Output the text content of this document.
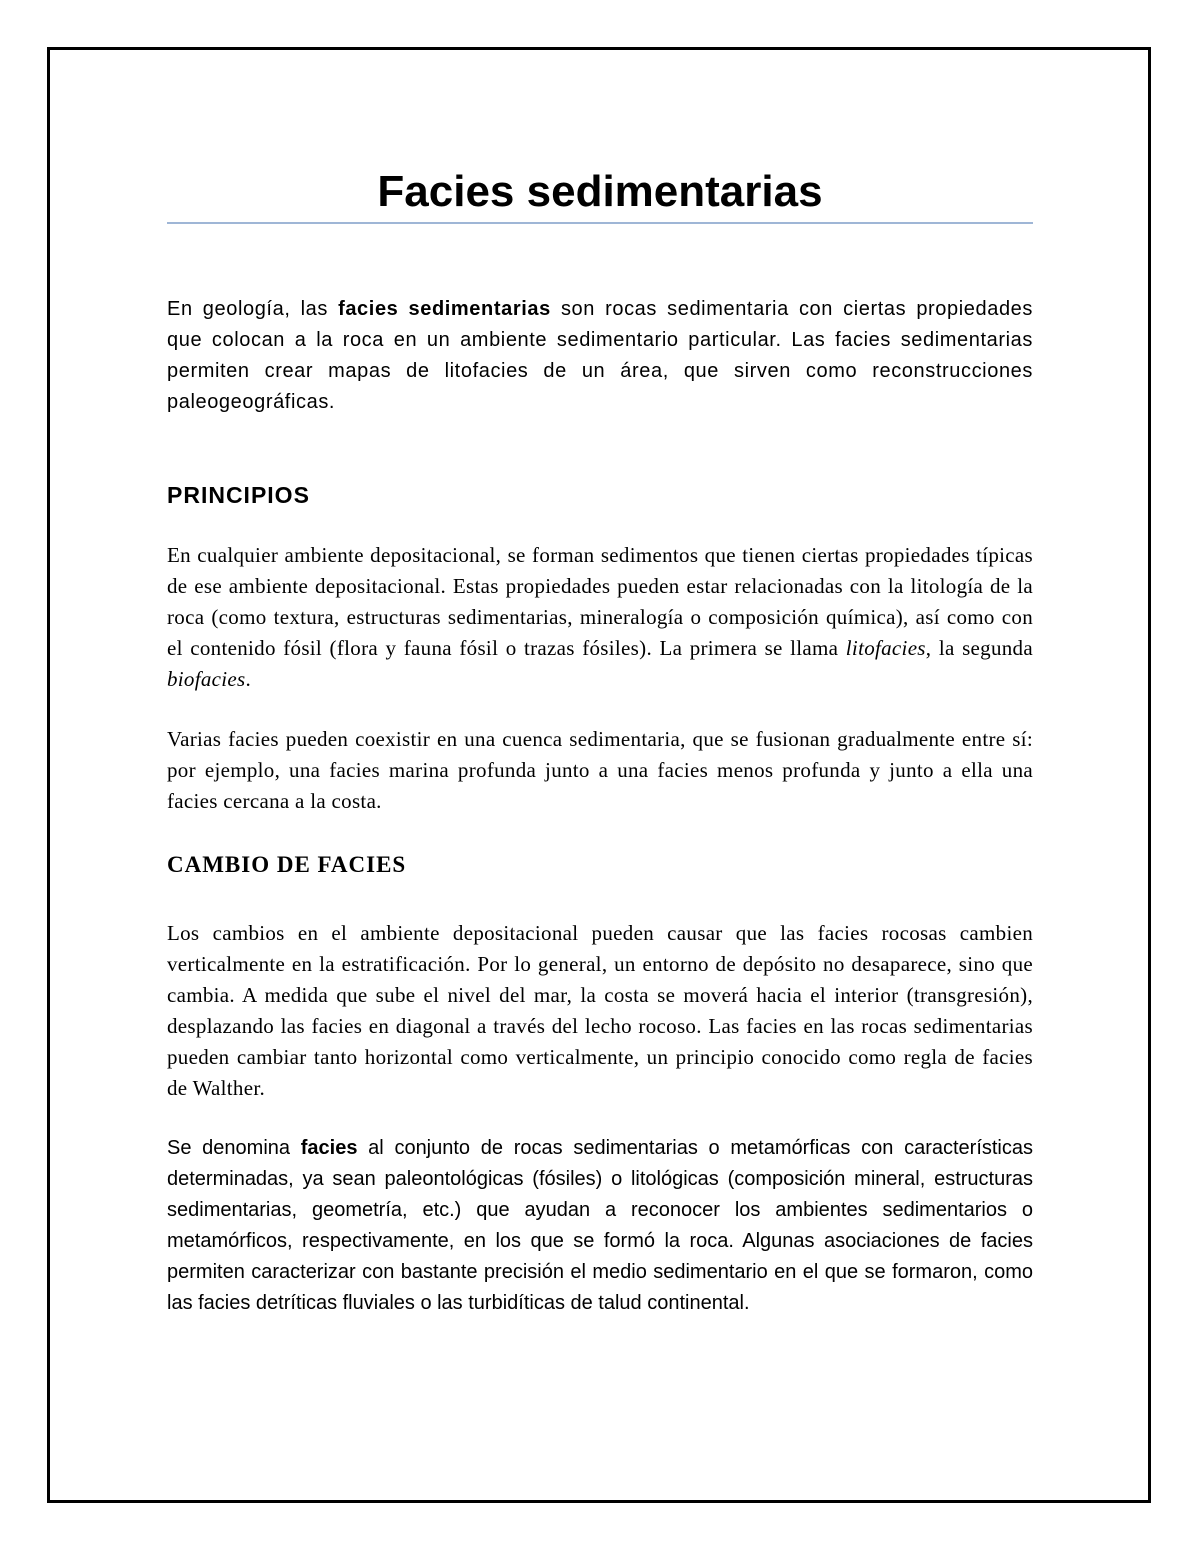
Facies sedimentarias

En geología, las facies sedimentarias son rocas sedimentaria con ciertas propiedades que colocan a la roca en un ambiente sedimentario particular. Las facies sedimentarias permiten crear mapas de litofacies de un área, que sirven como reconstrucciones paleogeográficas.

PRINCIPIOS

En cualquier ambiente depositacional, se forman sedimentos que tienen ciertas propiedades típicas de ese ambiente depositacional. Estas propiedades pueden estar relacionadas con la litología de la roca (como textura, estructuras sedimentarias, mineralogía o composición química), así como con el contenido fósil (flora y fauna fósil o trazas fósiles). La primera se llama litofacies, la segunda biofacies.

Varias facies pueden coexistir en una cuenca sedimentaria, que se fusionan gradualmente entre sí: por ejemplo, una facies marina profunda junto a una facies menos profunda y junto a ella una facies cercana a la costa.

CAMBIO DE FACIES

Los cambios en el ambiente depositacional pueden causar que las facies rocosas cambien verticalmente en la estratificación. Por lo general, un entorno de depósito no desaparece, sino que cambia. A medida que sube el nivel del mar, la costa se moverá hacia el interior (transgresión), desplazando las facies en diagonal a través del lecho rocoso. Las facies en las rocas sedimentarias pueden cambiar tanto horizontal como verticalmente, un principio conocido como regla de facies de Walther.

Se denomina facies al conjunto de rocas sedimentarias o metamórficas con características determinadas, ya sean paleontológicas (fósiles) o litológicas (composición mineral, estructuras sedimentarias, geometría, etc.) que ayudan a reconocer los ambientes sedimentarios o metamórficos, respectivamente, en los que se formó la roca. Algunas asociaciones de facies permiten caracterizar con bastante precisión el medio sedimentario en el que se formaron, como las facies detríticas fluviales o las turbidíticas de talud continental.
